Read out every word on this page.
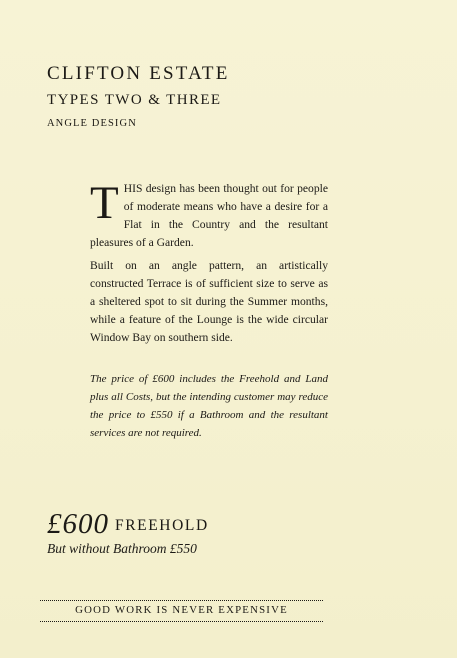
CLIFTON ESTATE
TYPES TWO & THREE
ANGLE DESIGN
THIS design has been thought out for people of moderate means who have a desire for a Flat in the Country and the resultant pleasures of a Garden.
Built on an angle pattern, an artistically constructed Terrace is of sufficient size to serve as a sheltered spot to sit during the Summer months, while a feature of the Lounge is the wide circular Window Bay on southern side.
The price of £600 includes the Freehold and Land plus all Costs, but the intending customer may reduce the price to £550 if a Bathroom and the resultant services are not required.
£600 FREEHOLD
But without Bathroom £550
GOOD WORK IS NEVER EXPENSIVE
